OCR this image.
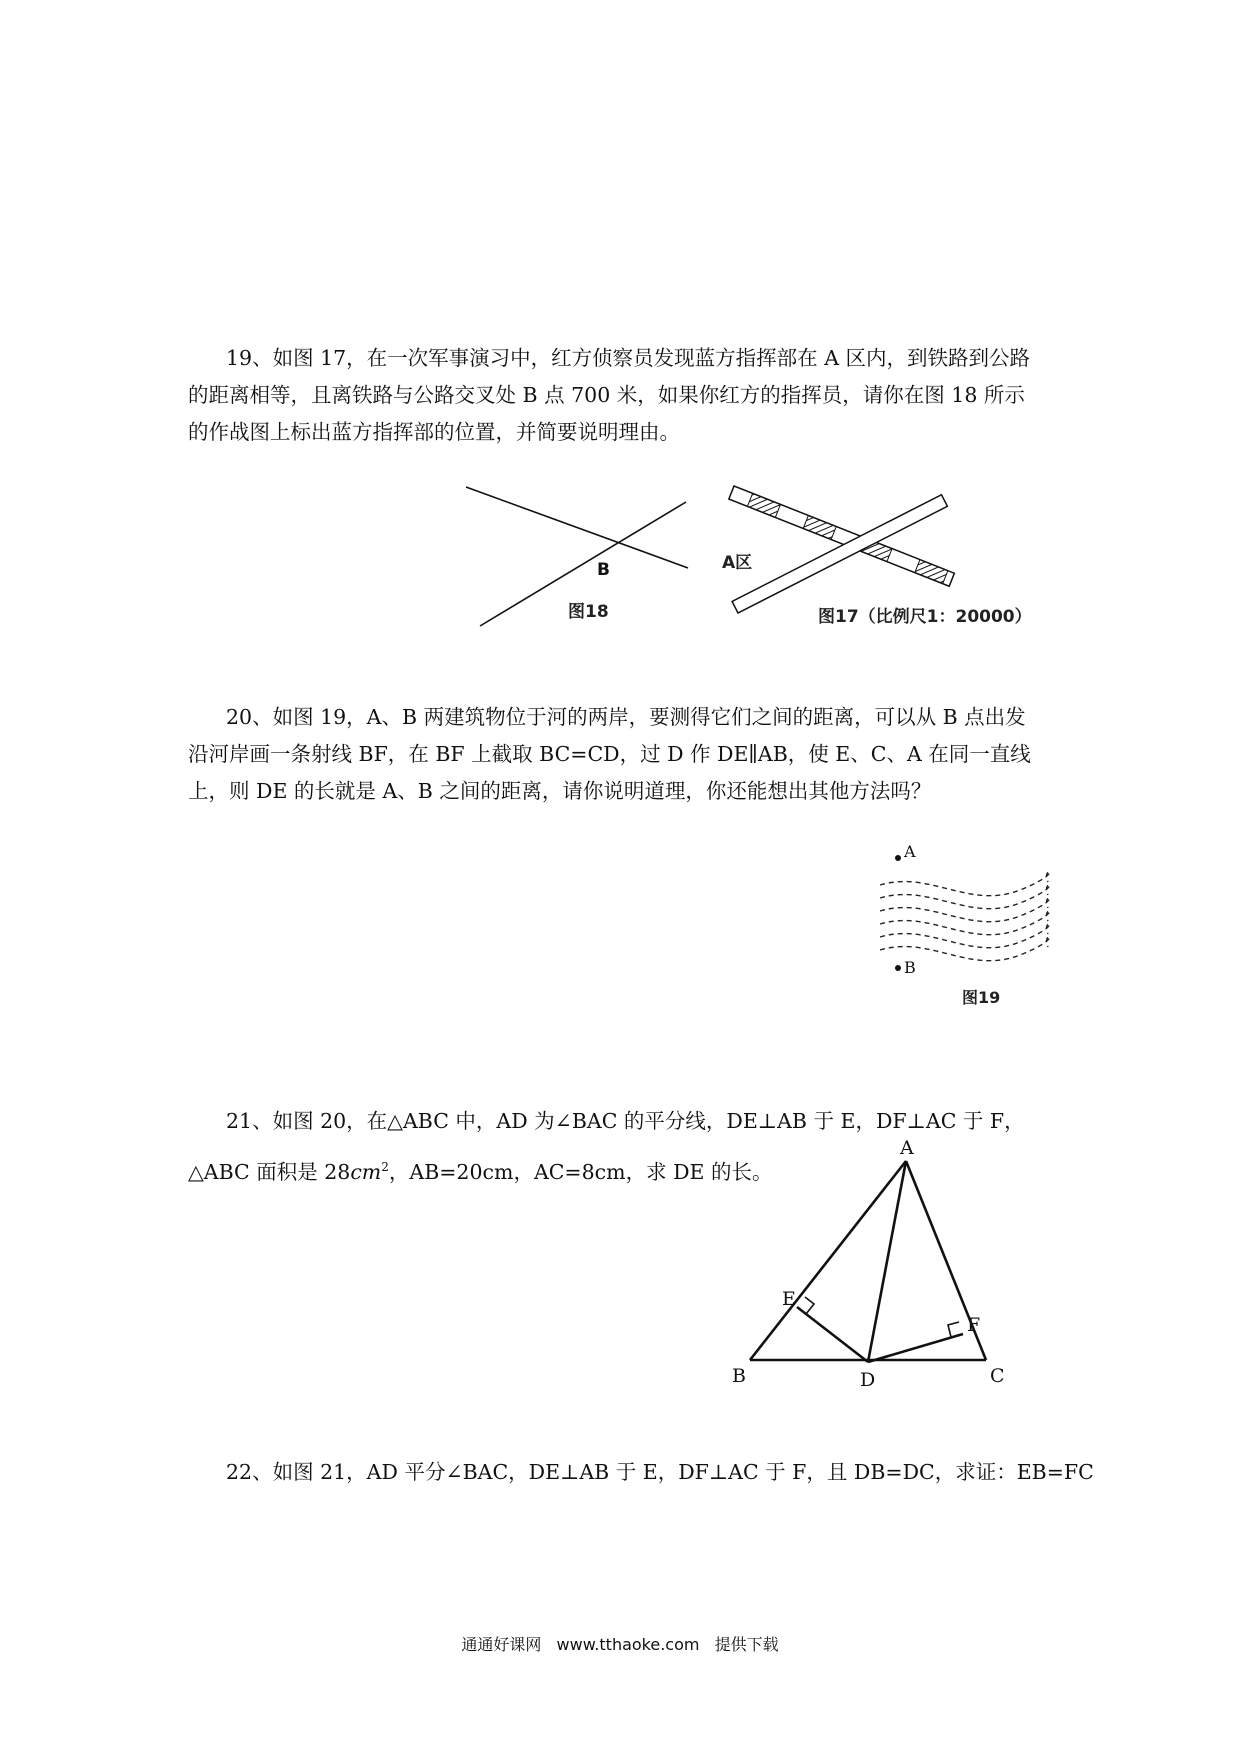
19、如图 17，在一次军事演习中，红方侦察员发现蓝方指挥部在 A 区内，到铁路到公路
的距离相等，且离铁路与公路交叉处 B 点 700 米，如果你红方的指挥员，请你在图 18 所示
的作战图上标出蓝方指挥部的位置，并简要说明理由。
B
图18
A区
图17（比例尺1：20000）
20、如图 19，A、B 两建筑物位于河的两岸，要测得它们之间的距离，可以从 B 点出发
沿河岸画一条射线 BF，在 BF 上截取 BC=CD，过 D 作 DE∥AB，使 E、C、A 在同一直线
上，则 DE 的长就是 A、B 之间的距离，请你说明道理，你还能想出其他方法吗？
A
B
图19
21、如图 20，在△ABC 中，AD 为∠BAC 的平分线，DE⊥AB 于 E，DF⊥AC 于 F，
△ABC 面积是 $28cm^2$，AB=20cm，AC=8cm，求 DE 的长。
A
B	C
D
E
F
22、如图 21，AD 平分∠BAC，DE⊥AB 于 E，DF⊥AC 于 F，且 DB=DC，求证：EB=FC
通通好课网 www.tthaoke.com 提供下载
